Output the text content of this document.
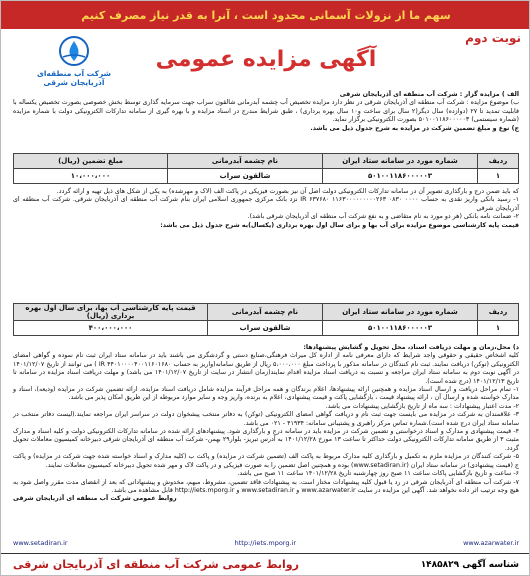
سهم ما از نزولات آسمانی محدود است ، آنرا به قدر نیاز مصرف کنیم
نوبت دوم
آگهی مزایده عمومی
شرکت آب منطقه‌ای آذربایجان شرقی

الف ) مزایده گزار : شرکت آب منطقه ای آذربایجان شرقی

ب) موضوع مزایده : شرکت آب منطقه ای آذربایجان شرقی در نظر دارد مزایده تخصیص آب چشمه آبدرمانی شالقون سراب جهت سرمایه گذاری توسط بخش خصوصی بصورت تخصیص یکساله با قابلیت تمدید تا ۲۷ (دوازده) سال دیگر(۲ سال برای ساخت و۱۰ سال بهره برداری) ، طبق شرایط مندرج در اسناد مزایده و با بهره گیری از سامانه تدارکات الکترونیکی دولت با شماره مزایده (شماره سیستمی) ۵۰۱۰۰۱۱۸۶۰۰۰۰۰۳ بصورت الکترونیکی برگزار نماید.

ج) نوع و مبلغ تضمین شرکت در مزایده به شرح جدول ذیل می باشد.

ردیف	شماره مورد در سامانه ستاد ایران	نام چشمه آبدرمانی	مبلغ تضمین (ریال)
۱	۵۰۱۰۰۱۱۸۶۰۰۰۰۰۳	شالقون سراب	۱۰،۰۰۰،۰۰۰

که باید ضمن درج و بارگذاری تصویر آن در سامانه تدارکات الکترونیکی دولت اصل آن نیز بصورت فیزیکی در پاکت الف (لاک و مهرشده) به یکی از شکل های ذیل تهیه و ارائه گردد.

۱- رسید بانکی واریز نقدی به حساب IR ۶۳۷۶۸۰ ۱۱۶۳۰۰۰۰۰۰۰۰۰۲۶۳ ۰۸۳۰ ۰۰۰۰ نزد بانک مرکزی جمهوری اسلامی ایران بنام شرکت آب منطقه ای آذربایجان شرقی. شرکت آب منطقه ای آذربایجان شرقی

۲- ضمانت نامه بانکی (هر دو مورد به نام متقاضی و به نفع شرکت آب منطقه ای آذربایجان شرقی باشد).

قیمت پایه کارشناسی موضوع مزایده برای آب بها و برای سال اول بهره برداری (یکسال)به شرح جدول ذیل می باشد:

ردیف	شماره مورد در سامانه ستاد ایران	نام چشمه آبدرمانی	قیمت پایه کارشناسی آب بها، برای سال اول بهره برداری (ریال)
۱	۵۰۱۰۰۱۱۸۶۰۰۰۰۰۳	شالقون سراب	۴۰۰،۰۰۰،۰۰۰

د) محل،زمان و مهلت دریافت اسناد، محل تحویل و گشایش پیشنهادها:

کلیه اشخاص حقیقی و حقوقی واجد شرایط که دارای معرفی نامه از اداره کل میراث فرهنگی،صنایع دستی و گردشگری می باشند باید در سامانه ستاد ایران ثبت نام نموده و گواهی امضای الکترونیکی (توکن) دریافت نمایند. ثبت نام کنندگان در سامانه مذکور با پرداخت مبلغ ۵،۰۰۰،۰۰۰ ریال از طریق سامانه(واریز به حساب IR ۴۴۰۱۰۰۰۰۴۰۰۱۱۶۰۱۶۸۰ ) می توانند از تاریخ ۱۴۰۱/۱۲/۰۷ در آگهی نوبت دوم به سامانه ستاد ایران مراجعه و نسبت به دریافت اسناد مزایده اقدام نمایند(زمان انتشار در سایت از تاریخ ۱۴۰۱/۱۲/۰۷ می باشد) و مهلت دریافت اسناد مزایده در سامانه تا تاریخ ۱۴۰۱/۱۲/۱۳ (درج شده است).

۱- تمام مراحل دریافت و ارسال اسناد مزایده و همچنین ارائه پیشنهادها، اعلام برندگان و همه مراحل فرآیند مزایده شامل دریافت اسناد مزایده، ارائه تضمین شرکت در مزایده (ودیعه)، اسناد و مدارک خواسته شده و ارسال آن ، ارائه پیشنهاد قیمت ، بازگشایی پاکت و قیمت پیشنهادی، اعلام به برنده، واریز وجه و سایر موارد مربوطه از این طریق امکان پذیر می باشد.

۲- مدت اعتبار پیشنهادات : سه ماه از تاریخ بازگشایی پیشنهادات می باشد.

۳- علاقمندان به شرکت در مزایده می بایست جهت ثبت نام و دریافت گواهی امضای الکترونیکی (توکن) به دفاتر منتخب پیشخوان دولت در سراسر ایران مراجعه نمایند.(لیست دفاتر منتخب در سامانه ستاد ایران درج شده است).شماره تماس مرکز راهبری و پشتیبانی سامانه: ۴۱۹۳۴ - ۰۲۱ می باشد.

۴- قیمت پیشنهادی و مدارک و اسناد درخواستی و تضمین شرکت در مزایده باید در سامانه درج و بارگذاری شود. پیشنهادهای ارائه شده در سامانه تدارکات الکترونیکی دولت و کلیه اسناد و مدارک مثبت ۳ از طریق سامانه تدارکات الکترونیکی دولت حداکثر تا ساعت ۱۳ مورخ ۱۴۰۱/۱۲/۲۸ به آدرس تبریز- بلوار۲۹ بهمن- شرکت آب منطقه ای آذربایجان شرقی دبیرخانه کمیسیون معاملات تحویل گردد.

۵- شرکت کنندگان در مزایده ملزم به تکمیل و بارگذاری کلیه مدارک مربوط به پاکت الف (تضمین شرکت در مزایده) و پاکت ب (کلیه مدارک و اسناد خواسته شده جهت شرکت در مزایده) و پاکت ج (قیمت پیشنهادی) در سامانه ستاد ایران (www.setadiran.ir) بوده و همچنین اصل تضمین را به صورت فیزیکی و در پاکت لاک و مهر شده تحویل دبیرخانه کمیسیون معاملات نمایند.

۶- ساعت و تاریخ بازگشایی پاکات ساعت ۱۱ صبح روز چهارشنبه تاریخ ۱۴۰۱/۱۲/۲۸ ساعت ۱۱ صبح می باشد.

۷- شرکت آب منطقه ای آذربایجان شرقی در رد یا قبول کلیه پیشنهادات مختار است. به پیشنهادات فاقد تضمین، مشروط، مبهم، مخدوش و پیشنهاداتی که بعد از انقضای مدت مقرر واصل شود به هیچ وجه ترتیب اثر داده نخواهد شد. آگهی این مزایده در سایت www.azarwater.ir و www.setadiran.ir و http://iets.mporg.ir قابل مشاهده می باشد.

روابط عمومی شرکت آب منطقه ای آذربایجان شرقی

www.azarwater.ir
http://iets.mporg.ir
www.setadiran.ir
شناسه آگهی ۱۴۸۵۸۲۹
روابط عمومی شرکت آب منطقه ای آذربایجان شرقی
